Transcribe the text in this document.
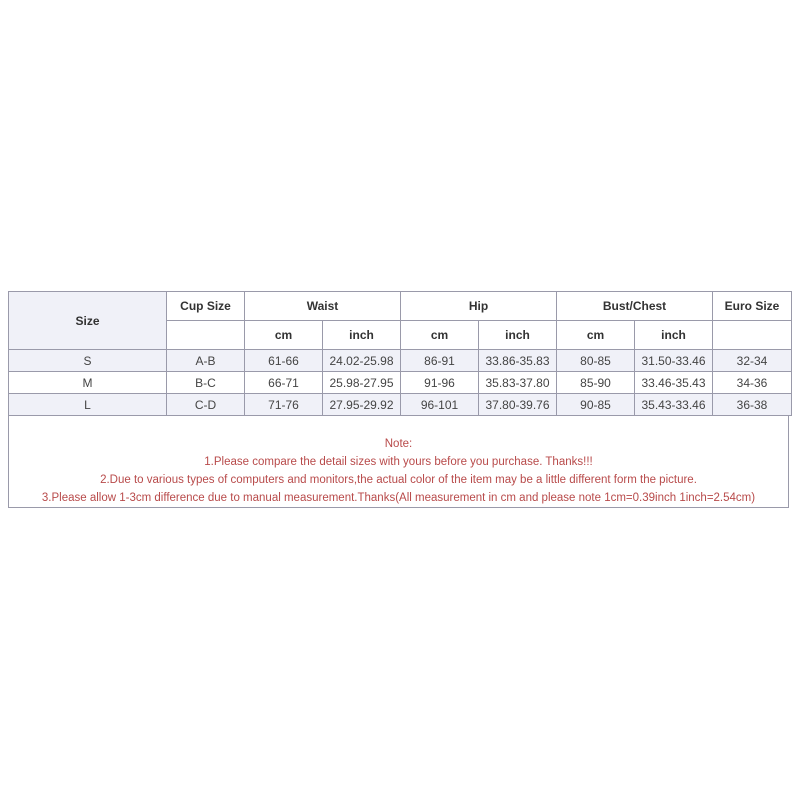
Size	Cup Size	Waist		Hip		Bust/Chest		Euro Size
		cm	inch	cm	inch	cm	inch	
S	A-B	61-66	24.02-25.98	86-91	33.86-35.83	80-85	31.50-33.46	32-34
M	B-C	66-71	25.98-27.95	91-96	35.83-37.80	85-90	33.46-35.43	34-36
L	C-D	71-76	27.95-29.92	96-101	37.80-39.76	90-85	35.43-33.46	36-38
Note:
1.Please compare the detail sizes with yours before you purchase. Thanks!!!
2.Due to various types of computers and monitors,the actual color of the item may be a little different form the picture.
3.Please allow 1-3cm difference due to manual measurement.Thanks(All measurement in cm and please note 1cm=0.39inch 1inch=2.54cm)
